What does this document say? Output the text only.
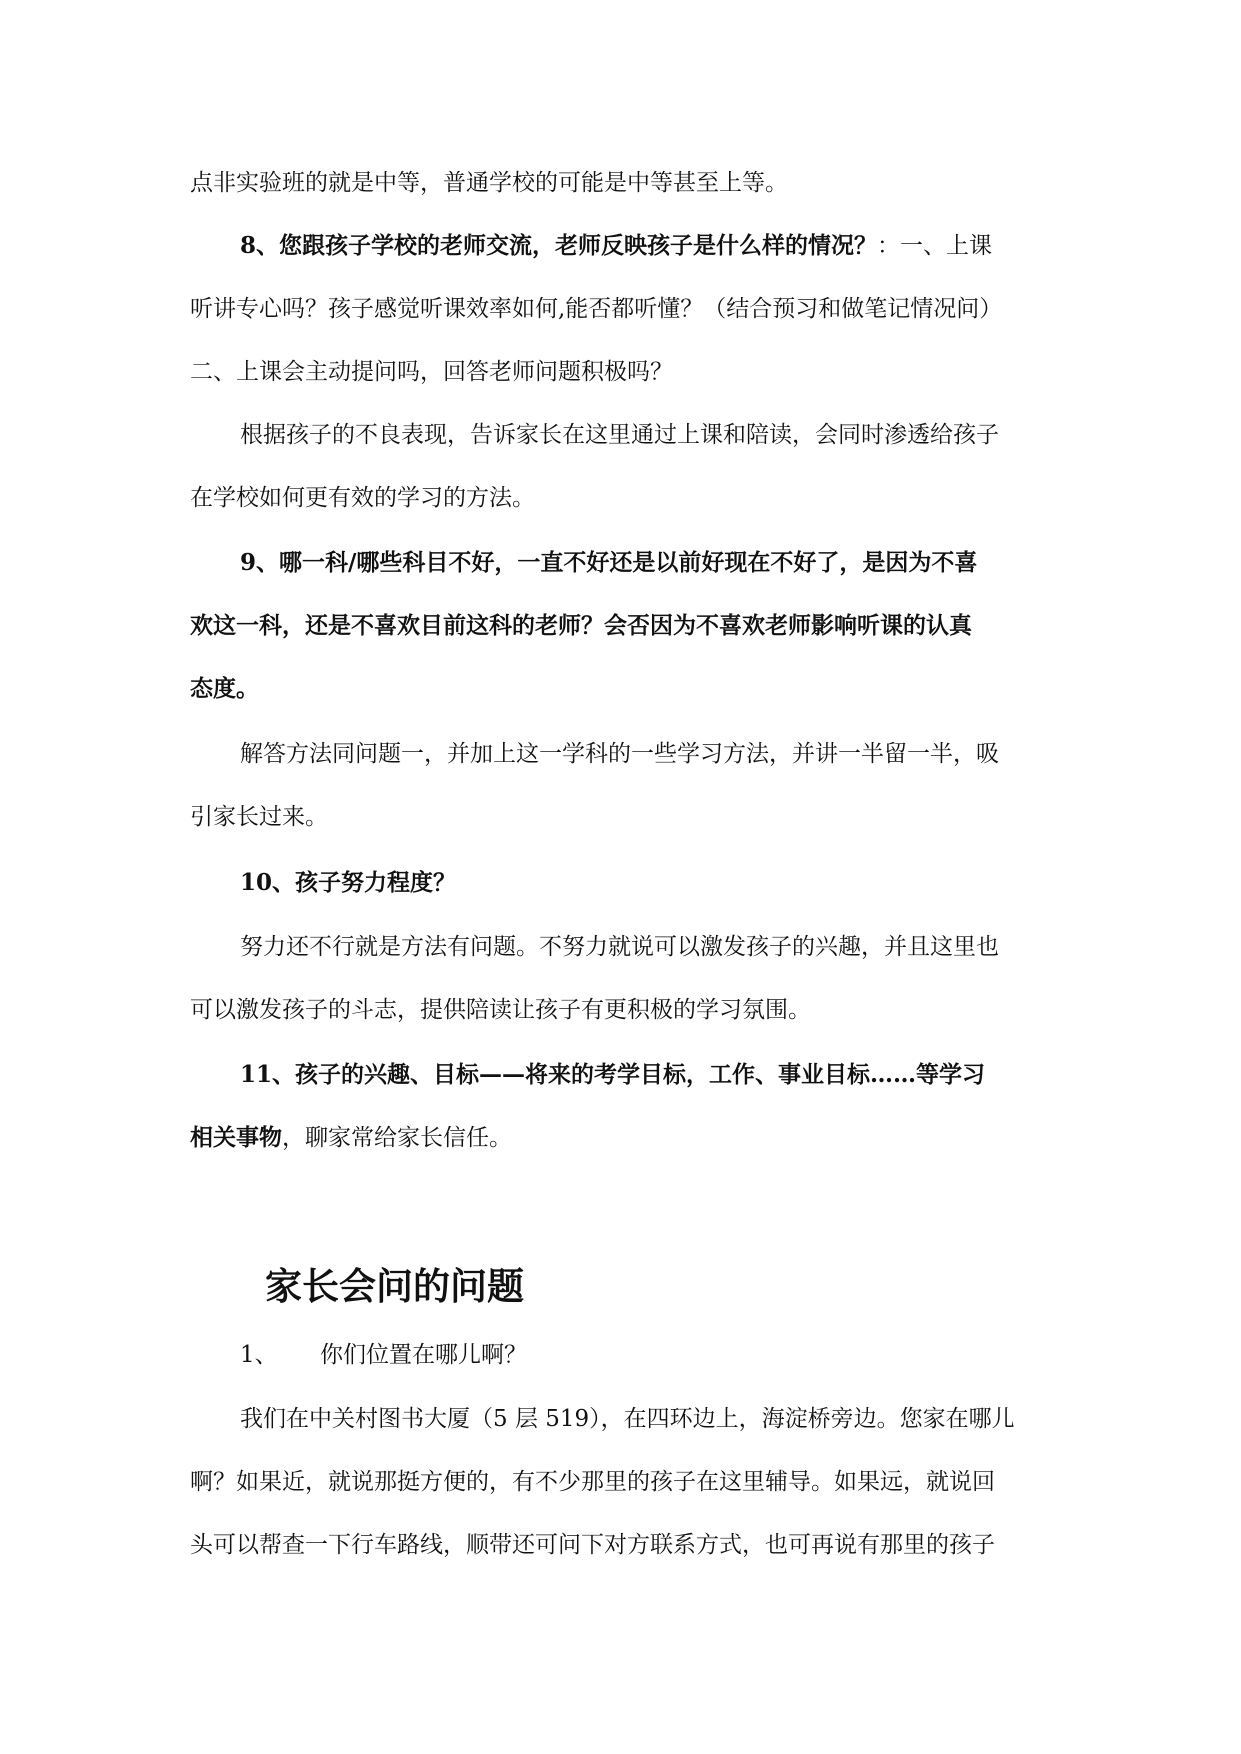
点非实验班的就是中等，普通学校的可能是中等甚至上等。
8、您跟孩子学校的老师交流，老师反映孩子是什么样的情况？：一、上课
听讲专心吗？孩子感觉听课效率如何,能否都听懂？（结合预习和做笔记情况问）
二、上课会主动提问吗，回答老师问题积极吗？
根据孩子的不良表现，告诉家长在这里通过上课和陪读，会同时渗透给孩子
在学校如何更有效的学习的方法。
9、哪一科/哪些科目不好，一直不好还是以前好现在不好了，是因为不喜
欢这一科，还是不喜欢目前这科的老师？会否因为不喜欢老师影响听课的认真
态度。
解答方法同问题一，并加上这一学科的一些学习方法，并讲一半留一半，吸
引家长过来。
10、孩子努力程度？
努力还不行就是方法有问题。不努力就说可以激发孩子的兴趣，并且这里也
可以激发孩子的斗志，提供陪读让孩子有更积极的学习氛围。
11、孩子的兴趣、目标——将来的考学目标，工作、事业目标……等学习
相关事物，聊家常给家长信任。
家长会问的问题
1、 你们位置在哪儿啊？
我们在中关村图书大厦（5 层 519），在四环边上，海淀桥旁边。您家在哪儿
啊？如果近，就说那挺方便的，有不少那里的孩子在这里辅导。如果远，就说回
头可以帮查一下行车路线，顺带还可问下对方联系方式，也可再说有那里的孩子
